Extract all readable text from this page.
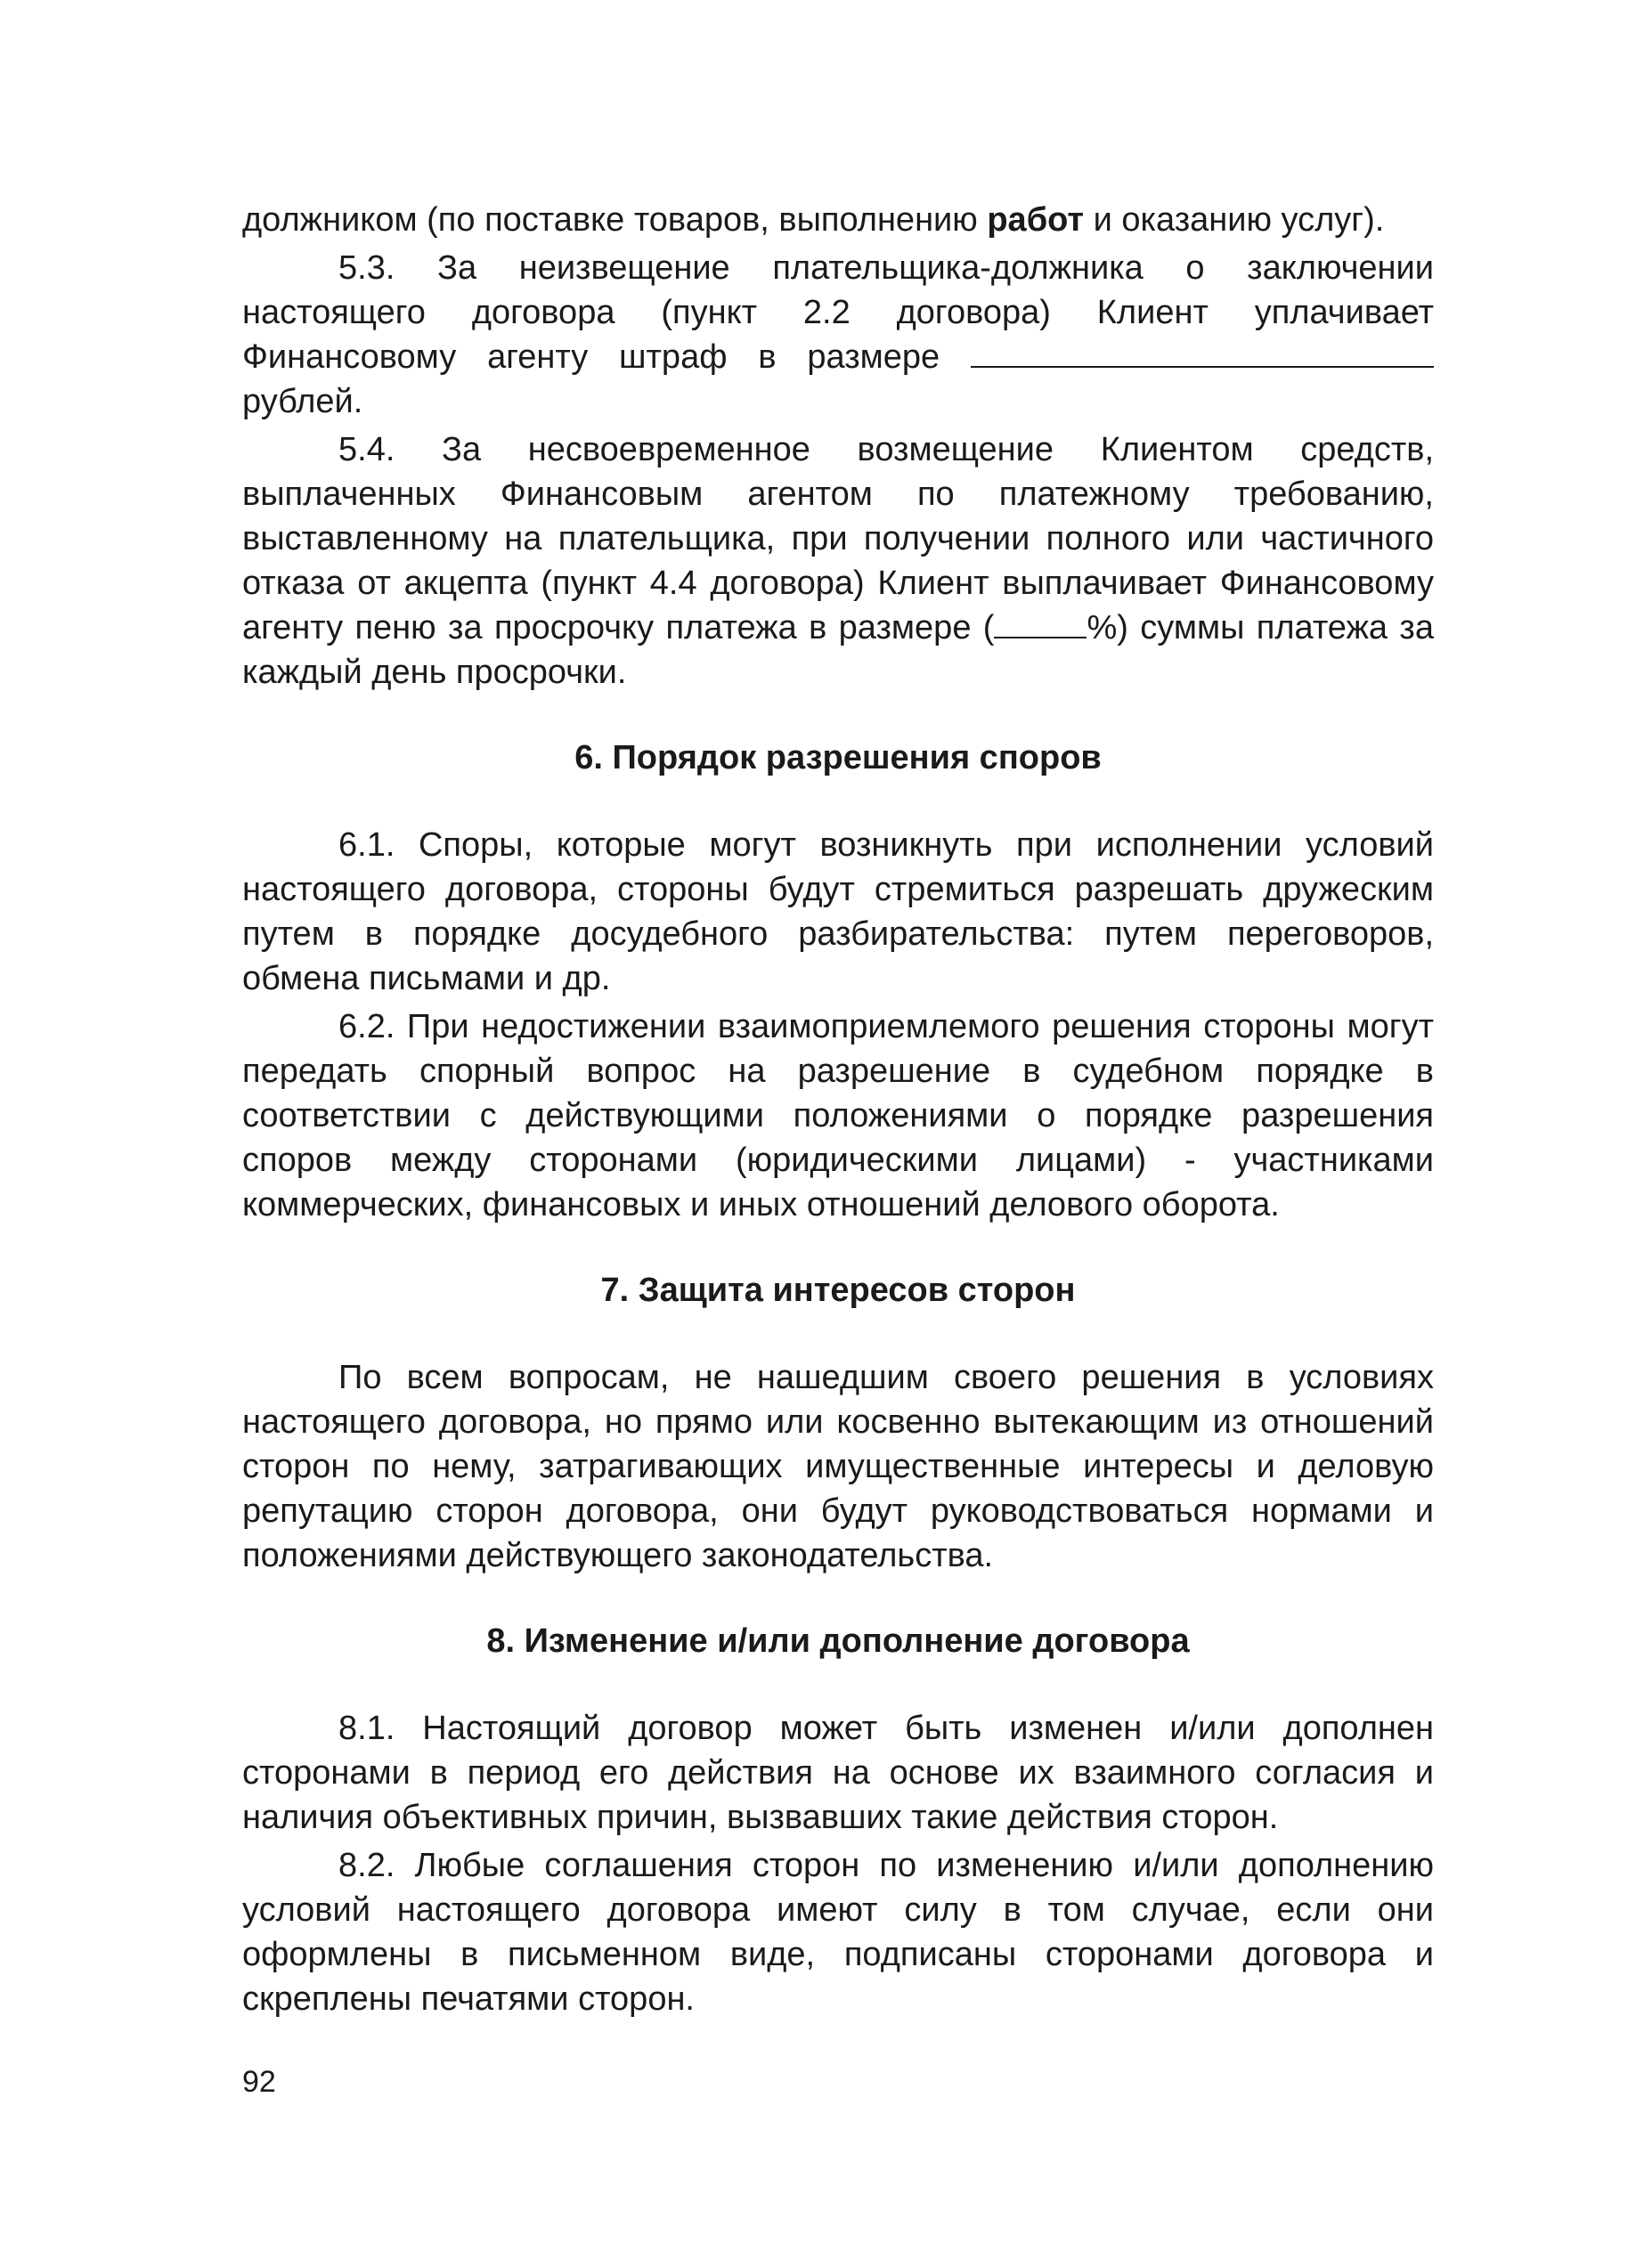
должником (по поставке товаров, выполнению работ и оказанию услуг).

5.3. За неизвещение плательщика-должника о заключении настоящего договора (пункт 2.2 договора) Клиент уплачивает Финансовому агенту штраф в размере  рублей.

5.4. За несвоевременное возмещение Клиентом средств, выплаченных Финансовым агентом по платежному требованию, выставленному на плательщика, при получении полного или частичного отказа от акцепта (пункт 4.4 договора) Клиент выплачивает Финансовому агенту пеню за просрочку платежа в размере (	%) суммы платежа за каждый день просрочки.

6. Порядок разрешения споров

6.1. Споры, которые могут возникнуть при исполнении условий настоящего договора, стороны будут стремиться разрешать дружеским путем в порядке досудебного разбирательства: путем переговоров, обмена письмами и др.

6.2. При недостижении взаимоприемлемого решения стороны могут передать спорный вопрос на разрешение в судебном порядке в соответствии с действующими положениями о порядке разрешения споров между сторонами (юридическими лицами) - участниками коммерческих, финансовых и иных отношений делового оборота.

7. Защита интересов сторон

По всем вопросам, не нашедшим своего решения в условиях настоящего договора, но прямо или косвенно вытекающим из отношений сторон по нему, затрагивающих имущественные интересы и деловую репутацию сторон договора, они будут руководствоваться нормами и положениями действующего законодательства.

8. Изменение и/или дополнение договора

8.1. Настоящий договор может быть изменен и/или дополнен сторонами в период его действия на основе их взаимного согласия и наличия объективных причин, вызвавших такие действия сторон.

8.2. Любые соглашения сторон по изменению и/или дополнению условий настоящего договора имеют силу в том случае, если они оформлены в письменном виде, подписаны сторонами договора и скреплены печатями сторон.

92
